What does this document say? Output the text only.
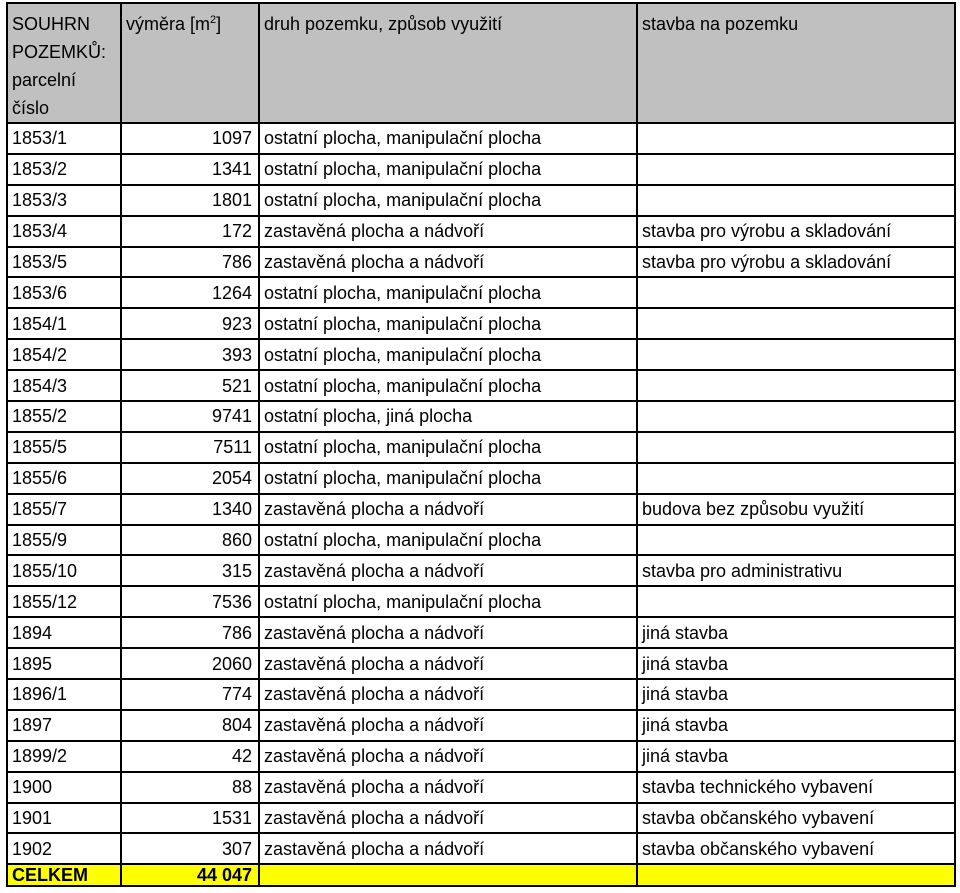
SOUHRN POZEMKŮ: parcelní číslo	výměra $[m^2]$	druh pozemku, způsob využití	stavba na pozemku
1853/1	1097	ostatní plocha, manipulační plocha	
1853/2	1341	ostatní plocha, manipulační plocha	
1853/3	1801	ostatní plocha, manipulační plocha	
1853/4	172	zastavěná plocha a nádvoří	stavba pro výrobu a skladování
1853/5	786	zastavěná plocha a nádvoří	stavba pro výrobu a skladování
1853/6	1264	ostatní plocha, manipulační plocha	
1854/1	923	ostatní plocha, manipulační plocha	
1854/2	393	ostatní plocha, manipulační plocha	
1854/3	521	ostatní plocha, manipulační plocha	
1855/2	9741	ostatní plocha, jiná plocha	
1855/5	7511	ostatní plocha, manipulační plocha	
1855/6	2054	ostatní plocha, manipulační plocha	
1855/7	1340	zastavěná plocha a nádvoří	budova bez způsobu využití
1855/9	860	ostatní plocha, manipulační plocha	
1855/10	315	zastavěná plocha a nádvoří	stavba pro administrativu
1855/12	7536	ostatní plocha, manipulační plocha	
1894	786	zastavěná plocha a nádvoří	jiná stavba
1895	2060	zastavěná plocha a nádvoří	jiná stavba
1896/1	774	zastavěná plocha a nádvoří	jiná stavba
1897	804	zastavěná plocha a nádvoří	jiná stavba
1899/2	42	zastavěná plocha a nádvoří	jiná stavba
1900	88	zastavěná plocha a nádvoří	stavba technického vybavení
1901	1531	zastavěná plocha a nádvoří	stavba občanského vybavení
1902	307	zastavěná plocha a nádvoří	stavba občanského vybavení
CELKEM	44 047		
